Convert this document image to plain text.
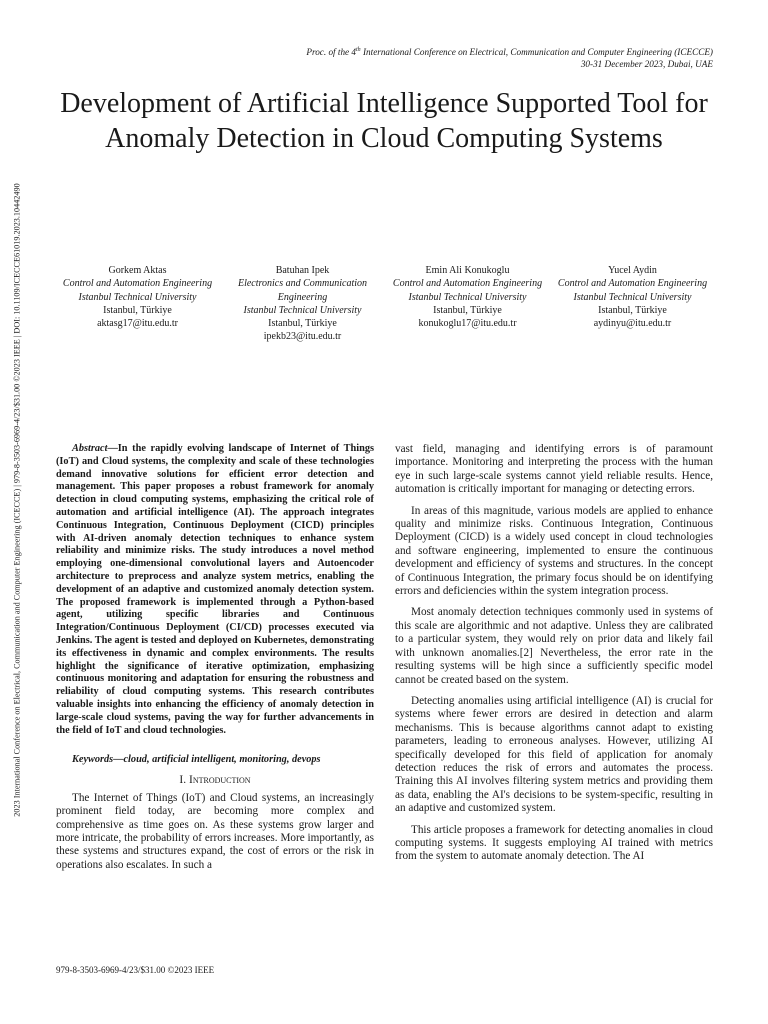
Proc. of the 4th International Conference on Electrical, Communication and Computer Engineering (ICECCE)
30-31 December 2023, Dubai, UAE
2023 International Conference on Electrical, Communication and Computer Engineering (ICECCE) | 979-8-3503-6969-4/23/$31.00 ©2023 IEEE | DOI: 10.1109/ICECCE61019.2023.10442490
Development of Artificial Intelligence Supported Tool for Anomaly Detection in Cloud Computing Systems
Gorkem Aktas
Control and Automation Engineering
Istanbul Technical University
Istanbul, Türkiye
aktasg17@itu.edu.tr
Batuhan Ipek
Electronics and Communication Engineering
Istanbul Technical University
Istanbul, Türkiye
ipekb23@itu.edu.tr
Emin Ali Konukoglu
Control and Automation Engineering
Istanbul Technical University
Istanbul, Türkiye
konukoglu17@itu.edu.tr
Yucel Aydin
Control and Automation Engineering
Istanbul Technical University
Istanbul, Türkiye
aydinyu@itu.edu.tr

Abstract—In the rapidly evolving landscape of Internet of Things (IoT) and Cloud systems, the complexity and scale of these technologies demand innovative solutions for efficient error detection and management. This paper proposes a robust framework for anomaly detection in cloud computing systems, emphasizing the critical role of automation and artificial intelligence (AI). The approach integrates Continuous Integration, Continuous Deployment (CICD) principles with AI-driven anomaly detection techniques to enhance system reliability and minimize risks. The study introduces a novel method employing one-dimensional convolutional layers and Autoencoder architecture to preprocess and analyze system metrics, enabling the development of an adaptive and customized anomaly detection system. The proposed framework is implemented through a Python-based agent, utilizing specific libraries and Continuous Integration/Continuous Deployment (CI/CD) processes executed via Jenkins. The agent is tested and deployed on Kubernetes, demonstrating its effectiveness in dynamic and complex environments. The results highlight the significance of iterative optimization, emphasizing continuous monitoring and adaptation for ensuring the robustness and reliability of cloud computing systems. This research contributes valuable insights into enhancing the efficiency of anomaly detection in large-scale cloud systems, paving the way for further advancements in the field of IoT and cloud technologies.

Keywords—cloud, artificial intelligent, monitoring, devops

I. Introduction

The Internet of Things (IoT) and Cloud systems, an increasingly prominent field today, are becoming more complex and comprehensive as time goes on. As these systems grow larger and more intricate, the probability of errors increases. More importantly, as these systems and structures expand, the cost of errors or the risk in operations also escalates. In such a

vast field, managing and identifying errors is of paramount importance. Monitoring and interpreting the process with the human eye in such large-scale systems cannot yield reliable results. Hence, automation is critically important for managing or detecting errors.

In areas of this magnitude, various models are applied to enhance quality and minimize risks. Continuous Integration, Continuous Deployment (CICD) is a widely used concept in cloud technologies and software engineering, implemented to ensure the continuous development and efficiency of systems and structures. In the concept of Continuous Integration, the primary focus should be on identifying errors and deficiencies within the system integration process.

Most anomaly detection techniques commonly used in systems of this scale are algorithmic and not adaptive. Unless they are calibrated to a particular system, they would rely on prior data and likely fail with unknown anomalies.[2] Nevertheless, the error rate in the resulting systems will be high since a sufficiently specific model cannot be created based on the system.

Detecting anomalies using artificial intelligence (AI) is crucial for systems where fewer errors are desired in detection and alarm mechanisms. This is because algorithms cannot adapt to existing parameters, leading to erroneous analyses. However, utilizing AI specifically developed for this field of application for anomaly detection reduces the risk of errors and automates the process. Training this AI involves filtering system metrics and providing them as data, enabling the AI's decisions to be system-specific, resulting in an adaptive and customized system.

This article proposes a framework for detecting anomalies in cloud computing systems. It suggests employing AI trained with metrics from the system to automate anomaly detection. The AI

979-8-3503-6969-4/23/$31.00 ©2023 IEEE
